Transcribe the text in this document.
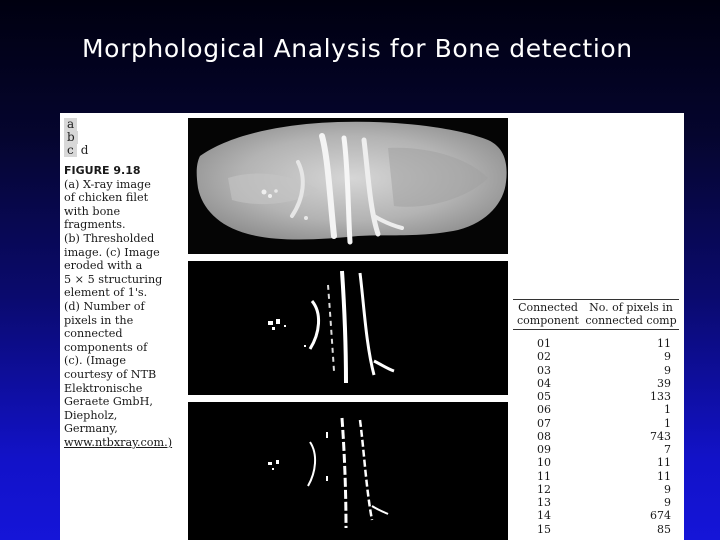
Morphological Analysis for Bone detection
a
b
c d
FIGURE 9.18
(a) X-ray image
of chicken filet
with bone
fragments.
(b) Thresholded
image. (c) Image
eroded with a
5 × 5 structuring
element of 1's.
(d) Number of
pixels in the
connected
components of
(c). (Image
courtesy of NTB
Elektronische
Geraete GmbH,
Diepholz,
Germany,
www.ntbxray.com.)
Connected
component
No. of pixels in
connected comp
01	11
02	9
03	9
04	39
05	133
06	1
07	1
08	743
09	7
10	11
11	11
12	9
13	9
14	674
15	85
